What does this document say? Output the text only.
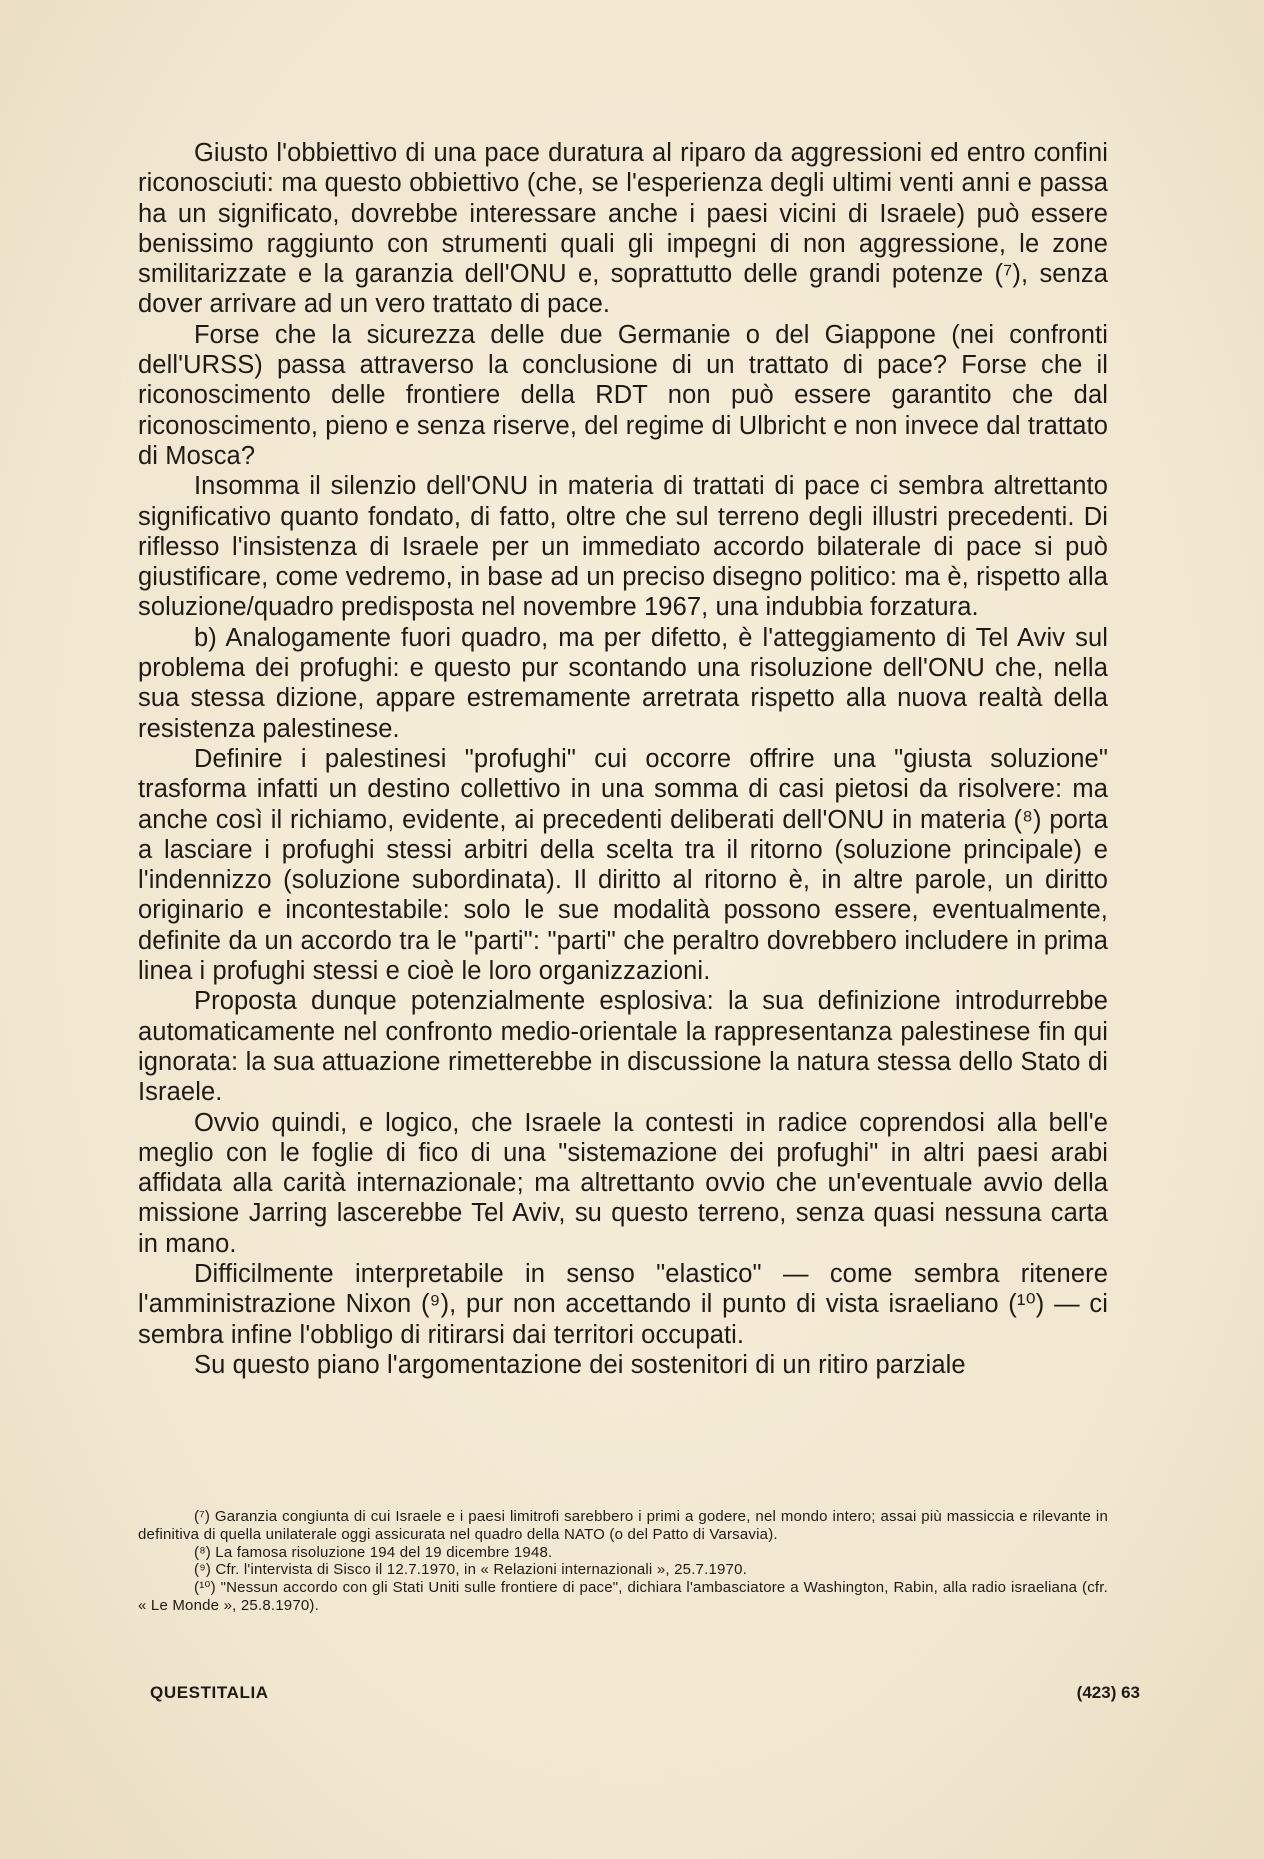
Giusto l'obbiettivo di una pace duratura al riparo da aggressioni ed entro confini riconosciuti: ma questo obbiettivo (che, se l'esperienza degli ultimi venti anni e passa ha un significato, dovrebbe interessare anche i paesi vicini di Israele) può essere benissimo raggiunto con strumenti quali gli impegni di non aggressione, le zone smilitarizzate e la garanzia dell'ONU e, soprattutto delle grandi potenze (⁷), senza dover arrivare ad un vero trattato di pace.

Forse che la sicurezza delle due Germanie o del Giappone (nei confronti dell'URSS) passa attraverso la conclusione di un trattato di pace? Forse che il riconoscimento delle frontiere della RDT non può essere garantito che dal riconoscimento, pieno e senza riserve, del regime di Ulbricht e non invece dal trattato di Mosca?

Insomma il silenzio dell'ONU in materia di trattati di pace ci sembra altrettanto significativo quanto fondato, di fatto, oltre che sul terreno degli illustri precedenti. Di riflesso l'insistenza di Israele per un immediato accordo bilaterale di pace si può giustificare, come vedremo, in base ad un preciso disegno politico: ma è, rispetto alla soluzione/quadro predisposta nel novembre 1967, una indubbia forzatura.

b) Analogamente fuori quadro, ma per difetto, è l'atteggiamento di Tel Aviv sul problema dei profughi: e questo pur scontando una risoluzione dell'ONU che, nella sua stessa dizione, appare estremamente arretrata rispetto alla nuova realtà della resistenza palestinese.

Definire i palestinesi "profughi" cui occorre offrire una "giusta soluzione" trasforma infatti un destino collettivo in una somma di casi pietosi da risolvere: ma anche così il richiamo, evidente, ai precedenti deliberati dell'ONU in materia (⁸) porta a lasciare i profughi stessi arbitri della scelta tra il ritorno (soluzione principale) e l'indennizzo (soluzione subordinata). Il diritto al ritorno è, in altre parole, un diritto originario e incontestabile: solo le sue modalità possono essere, eventualmente, definite da un accordo tra le "parti": "parti" che peraltro dovrebbero includere in prima linea i profughi stessi e cioè le loro organizzazioni.

Proposta dunque potenzialmente esplosiva: la sua definizione introdurrebbe automaticamente nel confronto medio-orientale la rappresentanza palestinese fin qui ignorata: la sua attuazione rimetterebbe in discussione la natura stessa dello Stato di Israele.

Ovvio quindi, e logico, che Israele la contesti in radice coprendosi alla bell'e meglio con le foglie di fico di una "sistemazione dei profughi" in altri paesi arabi affidata alla carità internazionale; ma altrettanto ovvio che un'eventuale avvio della missione Jarring lascerebbe Tel Aviv, su questo terreno, senza quasi nessuna carta in mano.

Difficilmente interpretabile in senso "elastico" — come sembra ritenere l'amministrazione Nixon (⁹), pur non accettando il punto di vista israeliano (¹⁰) — ci sembra infine l'obbligo di ritirarsi dai territori occupati.

Su questo piano l'argomentazione dei sostenitori di un ritiro parziale

(⁷) Garanzia congiunta di cui Israele e i paesi limitrofi sarebbero i primi a godere, nel mondo intero; assai più massiccia e rilevante in definitiva di quella unilaterale oggi assicurata nel quadro della NATO (o del Patto di Varsavia).

(⁸) La famosa risoluzione 194 del 19 dicembre 1948.

(⁹) Cfr. l'intervista di Sisco il 12.7.1970, in « Relazioni internazionali », 25.7.1970.

(¹⁰) "Nessun accordo con gli Stati Uniti sulle frontiere di pace", dichiara l'ambasciatore a Washington, Rabin, alla radio israeliana (cfr. « Le Monde », 25.8.1970).

QUESTITALIA	(423) 63
